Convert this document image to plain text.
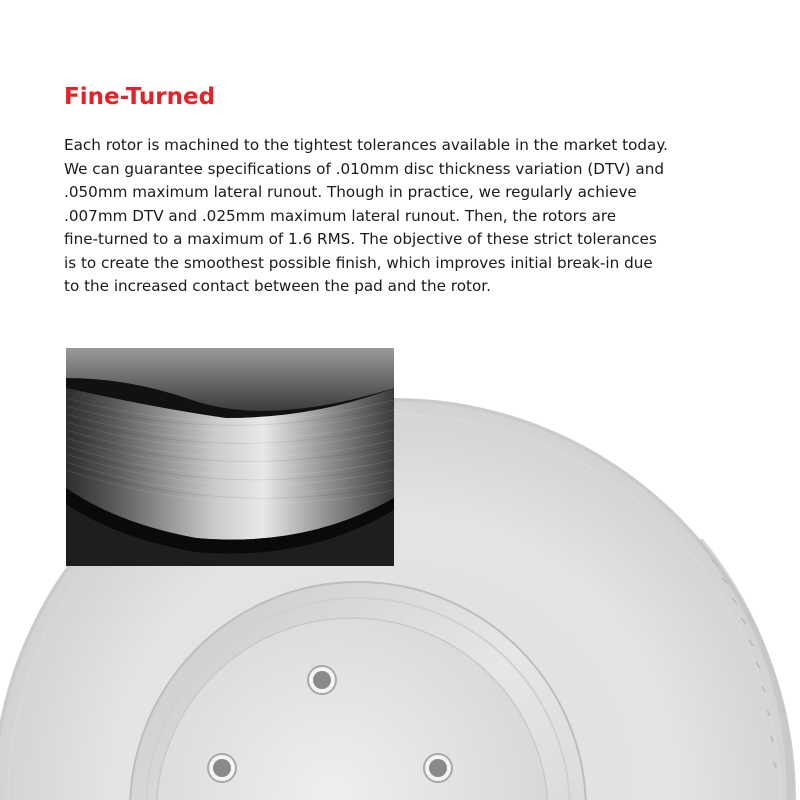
Fine-Turned

Each rotor is machined to the tightest tolerances available in the market today.
We can guarantee specifications of .010mm disc thickness variation (DTV) and
.050mm maximum lateral runout. Though in practice, we regularly achieve
.007mm DTV and .025mm maximum lateral runout. Then, the rotors are
fine-turned to a maximum of 1.6 RMS. The objective of these strict tolerances
is to create the smoothest possible finish, which improves initial break-in due
to the increased contact between the pad and the rotor.
